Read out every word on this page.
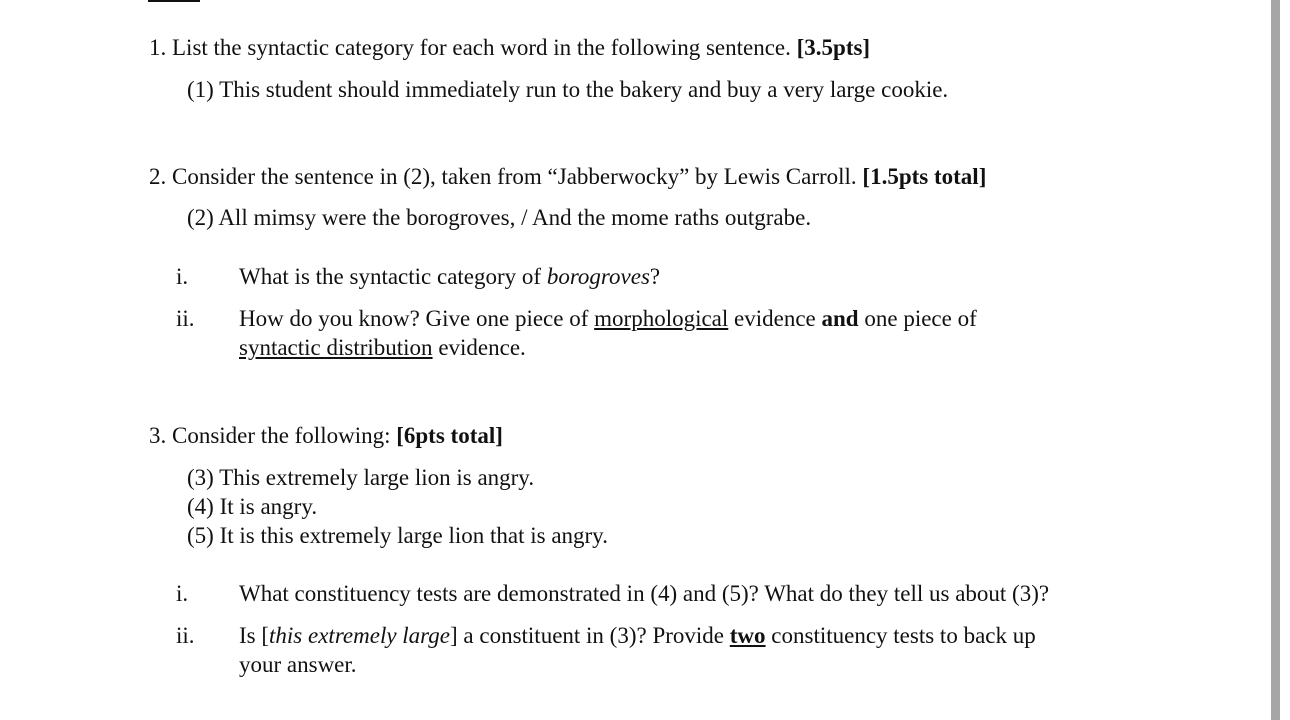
1. List the syntactic category for each word in the following sentence. [3.5pts]
(1) This student should immediately run to the bakery and buy a very large cookie.
2. Consider the sentence in (2), taken from “Jabberwocky” by Lewis Carroll. [1.5pts total]
(2) All mimsy were the borogroves, / And the mome raths outgrabe.
i. What is the syntactic category of borogroves?
ii. How do you know? Give one piece of morphological evidence and one piece of
syntactic distribution evidence.
3. Consider the following: [6pts total]
(3) This extremely large lion is angry.
(4) It is angry.
(5) It is this extremely large lion that is angry.
i. What constituency tests are demonstrated in (4) and (5)? What do they tell us about (3)?
ii. Is [this extremely large] a constituent in (3)? Provide two constituency tests to back up
your answer.
